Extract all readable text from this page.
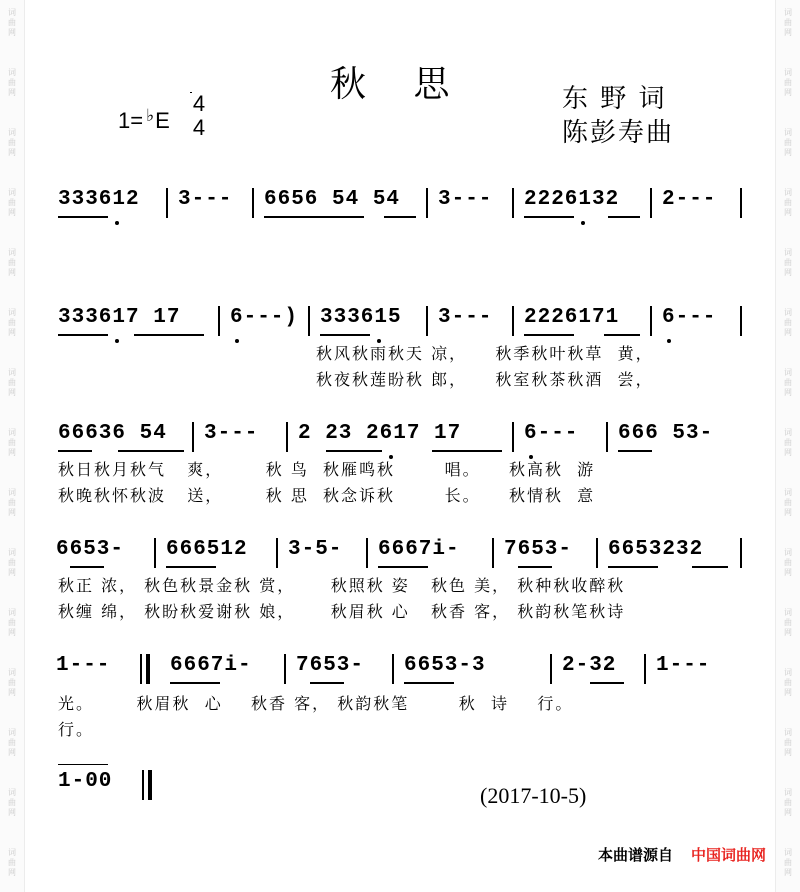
词
曲
网
词
曲
网
词
曲
网
词
曲
网
词
曲
网
词
曲
网
词
曲
网
词
曲
网
词
曲
网
词
曲
网
词
曲
网
词
曲
网
词
曲
网
词
曲
网
词
曲
网
词
曲
网
词
曲
网
词
曲
网
词
曲
网
词
曲
网
词
曲
网
词
曲
网
词
曲
网
词
曲
网
词
曲
网
词
曲
网
词
曲
网
词
曲
网
词
曲
网
词
曲
网
秋 思
1= ♭E
4
4
东 野 词
陈彭寿曲
333612 3--- 6656 54 54 3--- 2226132 2---
333617 17 6---) 333615 3--- 2226171 6---
秋风秋雨秋天 凉，    秋季秋叶秋草  黄，
秋夜秋莲盼秋 郎，    秋室秋茶秋酒  尝，
66636 54 3--- 2 23 2617 17	6--- 666 53-
秋日秋月秋气   爽，      秋 鸟  秋雁鸣秋       唱。    秋高秋  游
秋晚秋怀秋波   送，      秋 思  秋念诉秋       长。    秋情秋  意
6653- 666512 3-5- 6667i- 7653- 6653232
秋正 浓， 秋色秋景金秋 赏，     秋照秋 姿   秋色 美， 秋种秋收醉秋
秋缠 绵， 秋盼秋爱谢秋 娘，     秋眉秋 心   秋香 客， 秋韵秋笔秋诗
1---	6667i- 7653- 6653-3	2-32 1---
光。      秋眉秋  心    秋香 客， 秋韵秋笔       秋  诗    行。
行。
1-00
(2017-10-5)
本曲谱源自 中国词曲网
